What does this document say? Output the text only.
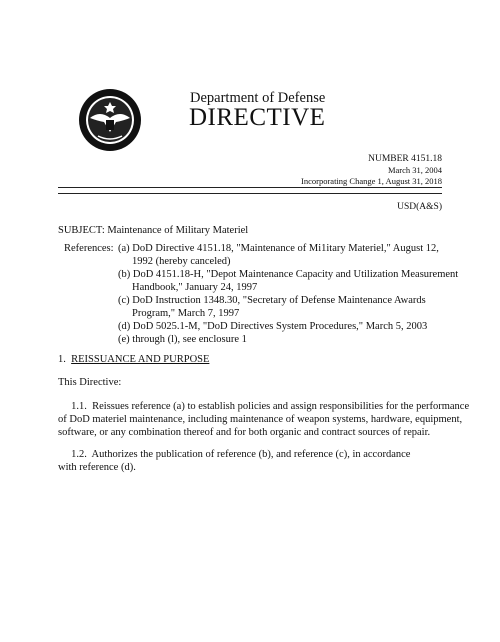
Department of Defense
DIRECTIVE
NUMBER 4151.18
March 31, 2004
Incorporating Change 1, August 31, 2018
USD(A&S)
SUBJECT: Maintenance of Military Materiel
References: (a) DoD Directive 4151.18, "Maintenance of Mi1itary Materiel," August 12,
1992 (hereby canceled)
(b) DoD 4151.18-H, "Depot Maintenance Capacity and Utilization Measurement
Handbook," January 24, 1997
(c) DoD Instruction 1348.30, "Secretary of Defense Maintenance Awards
Program," March 7, 1997
(d) DoD 5025.1-M, "DoD Directives System Procedures," March 5, 2003
(e) through (l), see enclosure 1
1. REISSUANCE AND PURPOSE
This Directive:
1.1.  Reissues reference (a) to establish policies and assign responsibilities for the performance
of DoD materiel maintenance, including maintenance of weapon systems, hardware, equipment,
software, or any combination thereof and for both organic and contract sources of repair.
1.2.  Authorizes the publication of reference (b), and reference (c), in accordance
with reference (d).
